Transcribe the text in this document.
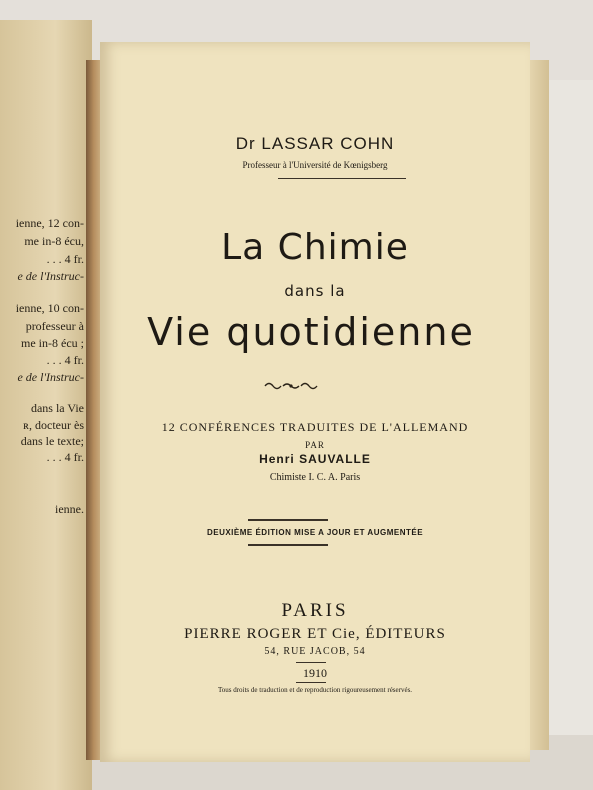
ienne, 12 con-
me in-8 écu,
. . . 4 fr.
e de l'Instruc-
ienne, 10 con-
professeur à
me in-8 écu ;
. . . 4 fr.
e de l'Instruc-
dans la Vie
ʀ, docteur ès
dans le texte;
. . . 4 fr.
ienne.
Dr LASSAR COHN
Professeur à l'Université de Kœnigsberg
La Chimie
dans la
Vie quotidienne
12 CONFÉRENCES TRADUITES DE L'ALLEMAND
PAR
Henri SAUVALLE
Chimiste I. C. A. Paris
DEUXIÈME ÉDITION MISE A JOUR ET AUGMENTÉE
PARIS
PIERRE ROGER ET Cie, ÉDITEURS
54, RUE JACOB, 54
1910
Tous droits de traduction et de reproduction rigoureusement réservés.
